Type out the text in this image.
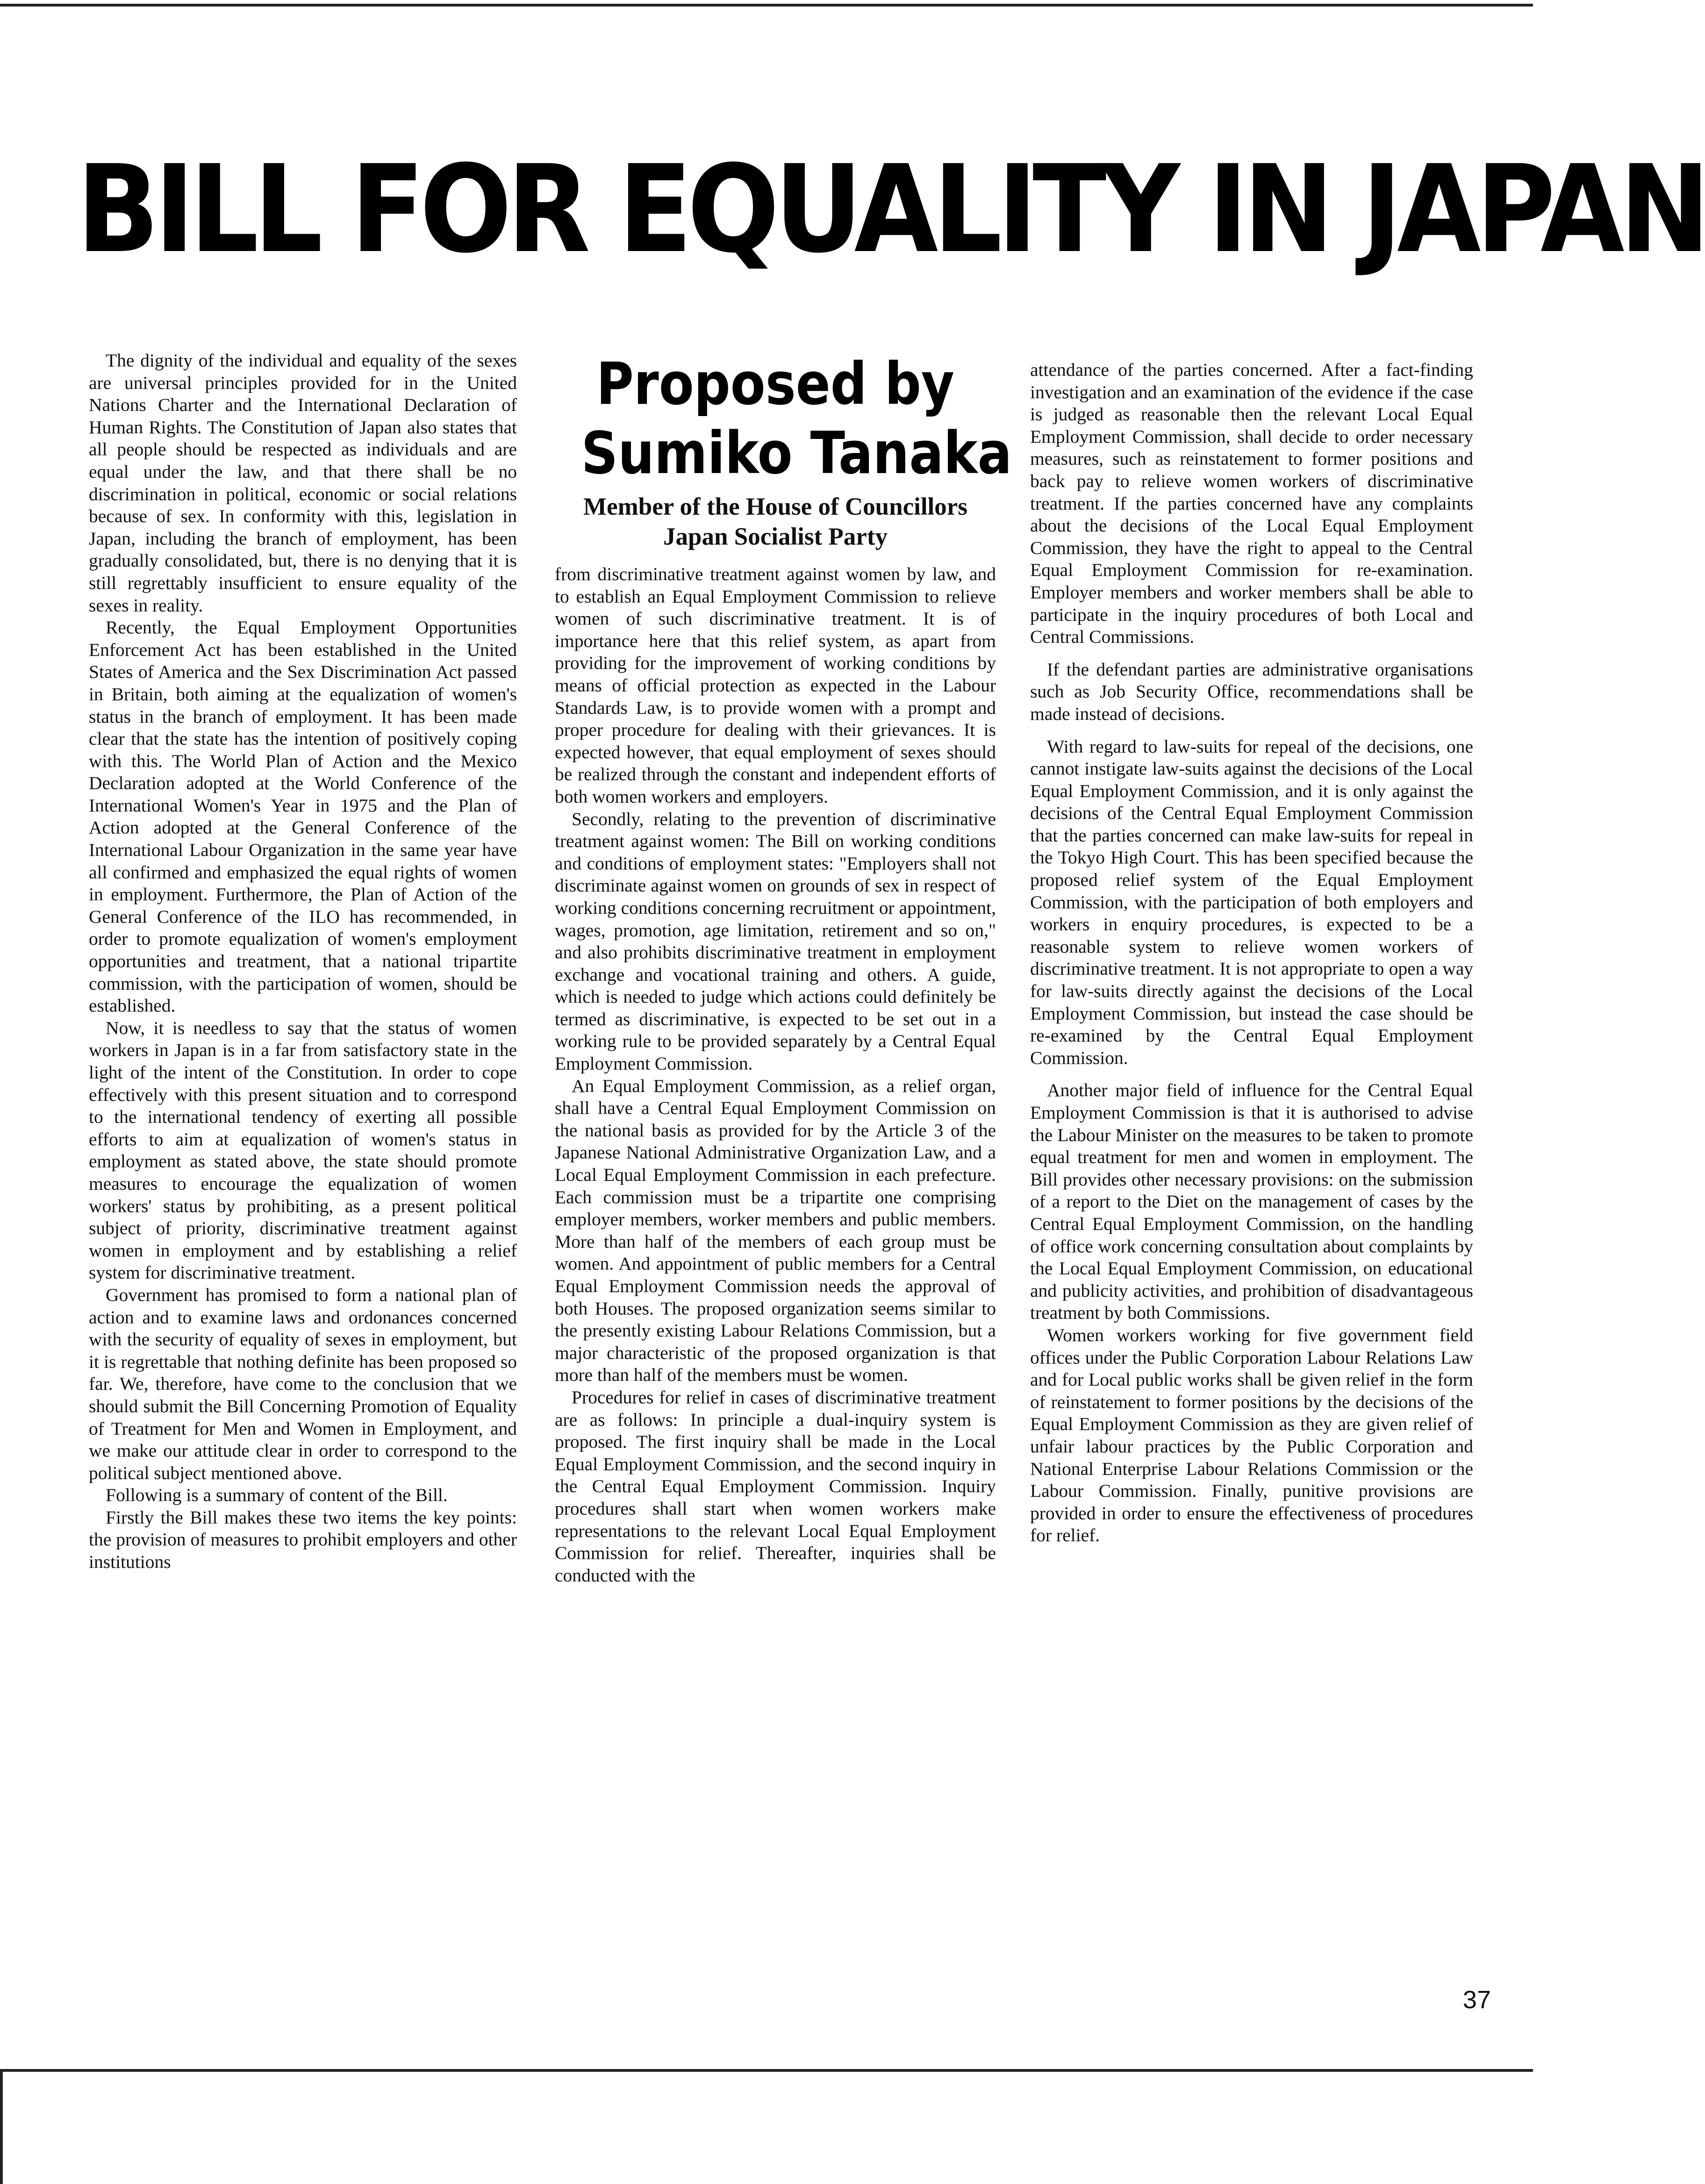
BILL FOR EQUALITY IN JAPAN

The dignity of the individual and equality of the sexes are universal principles provided for in the United Nations Charter and the International Declaration of Human Rights. The Constitution of Japan also states that all people should be respected as individuals and are equal under the law, and that there shall be no discrimination in political, economic or social relations because of sex. In conformity with this, legislation in Japan, including the branch of employment, has been gradually consolidated, but, there is no denying that it is still regrettably insufficient to ensure equality of the sexes in reality.

Recently, the Equal Employment Opportunities Enforcement Act has been established in the United States of America and the Sex Discrimination Act passed in Britain, both aiming at the equalization of women's status in the branch of employment. It has been made clear that the state has the intention of positively coping with this. The World Plan of Action and the Mexico Declaration adopted at the World Conference of the International Women's Year in 1975 and the Plan of Action adopted at the General Conference of the International Labour Organization in the same year have all confirmed and emphasized the equal rights of women in employment. Furthermore, the Plan of Action of the General Conference of the ILO has recommended, in order to promote equalization of women's employment opportunities and treatment, that a national tripartite commission, with the participation of women, should be established.

Now, it is needless to say that the status of women workers in Japan is in a far from satisfactory state in the light of the intent of the Constitution. In order to cope effectively with this present situation and to correspond to the international tendency of exerting all possible efforts to aim at equalization of women's status in employment as stated above, the state should promote measures to encourage the equalization of women workers' status by prohibiting, as a present political subject of priority, discriminative treatment against women in employment and by establishing a relief system for discriminative treatment.

Government has promised to form a national plan of action and to examine laws and ordonances concerned with the security of equality of sexes in employment, but it is regrettable that nothing definite has been proposed so far. We, therefore, have come to the conclusion that we should submit the Bill Concerning Promotion of Equality of Treatment for Men and Women in Employment, and we make our attitude clear in order to correspond to the political subject mentioned above.

Following is a summary of content of the Bill.

Firstly the Bill makes these two items the key points: the provision of measures to prohibit employers and other institutions

Proposed by
Sumiko Tanaka
Member of the House of Councillors
Japan Socialist Party

from discriminative treatment against women by law, and to establish an Equal Employment Commission to relieve women of such discriminative treatment. It is of importance here that this relief system, as apart from providing for the improvement of working conditions by means of official protection as expected in the Labour Standards Law, is to provide women with a prompt and proper procedure for dealing with their grievances. It is expected however, that equal employment of sexes should be realized through the constant and independent efforts of both women workers and employers.

Secondly, relating to the prevention of discriminative treatment against women: The Bill on working conditions and conditions of employment states: "Employers shall not discriminate against women on grounds of sex in respect of working conditions concerning recruitment or appointment, wages, promotion, age limitation, retirement and so on," and also prohibits discriminative treatment in employment exchange and vocational training and others. A guide, which is needed to judge which actions could definitely be termed as discriminative, is expected to be set out in a working rule to be provided separately by a Central Equal Employment Commission.

An Equal Employment Commission, as a relief organ, shall have a Central Equal Employment Commission on the national basis as provided for by the Article 3 of the Japanese National Administrative Organization Law, and a Local Equal Employment Commission in each prefecture. Each commission must be a tripartite one comprising employer members, worker members and public members. More than half of the members of each group must be women. And appointment of public members for a Central Equal Employment Commission needs the approval of both Houses. The proposed organization seems similar to the presently existing Labour Relations Commission, but a major characteristic of the proposed organization is that more than half of the members must be women.

Procedures for relief in cases of discriminative treatment are as follows: In principle a dual-inquiry system is proposed. The first inquiry shall be made in the Local Equal Employment Commission, and the second inquiry in the Central Equal Employment Commission. Inquiry procedures shall start when women workers make representations to the relevant Local Equal Employment Commission for relief. Thereafter, inquiries shall be conducted with the

attendance of the parties concerned. After a fact-finding investigation and an examination of the evidence if the case is judged as reasonable then the relevant Local Equal Employment Commission, shall decide to order necessary measures, such as reinstatement to former positions and back pay to relieve women workers of discriminative treatment. If the parties concerned have any complaints about the decisions of the Local Equal Employment Commission, they have the right to appeal to the Central Equal Employment Commission for re-examination. Employer members and worker members shall be able to participate in the inquiry procedures of both Local and Central Commissions.

If the defendant parties are administrative organisations such as Job Security Office, recommendations shall be made instead of decisions.

With regard to law-suits for repeal of the decisions, one cannot instigate law-suits against the decisions of the Local Equal Employment Commission, and it is only against the decisions of the Central Equal Employment Commission that the parties concerned can make law-suits for repeal in the Tokyo High Court. This has been specified because the proposed relief system of the Equal Employment Commission, with the participation of both employers and workers in enquiry procedures, is expected to be a reasonable system to relieve women workers of discriminative treatment. It is not appropriate to open a way for law-suits directly against the decisions of the Local Employment Commission, but instead the case should be re-examined by the Central Equal Employment Commission.

Another major field of influence for the Central Equal Employment Commission is that it is authorised to advise the Labour Minister on the measures to be taken to promote equal treatment for men and women in employment. The Bill provides other necessary provisions: on the submission of a report to the Diet on the management of cases by the Central Equal Employment Commission, on the handling of office work concerning consultation about complaints by the Local Equal Employment Commission, on educational and publicity activities, and prohibition of disadvantageous treatment by both Commissions.

Women workers working for five government field offices under the Public Corporation Labour Relations Law and for Local public works shall be given relief in the form of reinstatement to former positions by the decisions of the Equal Employment Commission as they are given relief of unfair labour practices by the Public Corporation and National Enterprise Labour Relations Commission or the Labour Commission. Finally, punitive provisions are provided in order to ensure the effectiveness of procedures for relief.

37
